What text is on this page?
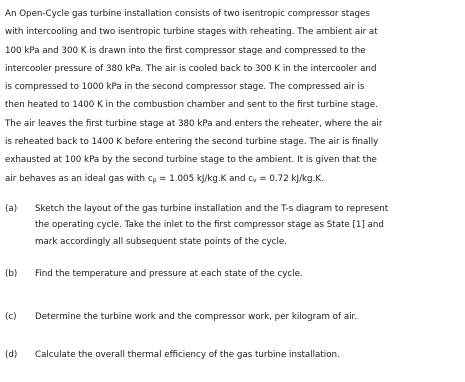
An Open-Cycle gas turbine installation consists of two isentropic compressor stages
with intercooling and two isentropic turbine stages with reheating. The ambient air at
100 kPa and 300 K is drawn into the first compressor stage and compressed to the
intercooler pressure of 380 kPa. The air is cooled back to 300 K in the intercooler and
is compressed to 1000 kPa in the second compressor stage. The compressed air is
then heated to 1400 K in the combustion chamber and sent to the first turbine stage.
The air leaves the first turbine stage at 380 kPa and enters the reheater, where the air
is reheated back to 1400 K before entering the second turbine stage. The air is finally
exhausted at 100 kPa by the second turbine stage to the ambient. It is given that the
air behaves as an ideal gas with $c_p = 1.005$ kJ/kg.K and $c_v = 0.72$ kJ/kg.K.

(a)	Sketch the layout of the gas turbine installation and the T-s diagram to represent
the operating cycle. Take the inlet to the first compressor stage as State [1] and
mark accordingly all subsequent state points of the cycle.
(b)	Find the temperature and pressure at each state of the cycle.
(c)	Determine the turbine work and the compressor work, per kilogram of air.
(d)	Calculate the overall thermal efficiency of the gas turbine installation.
